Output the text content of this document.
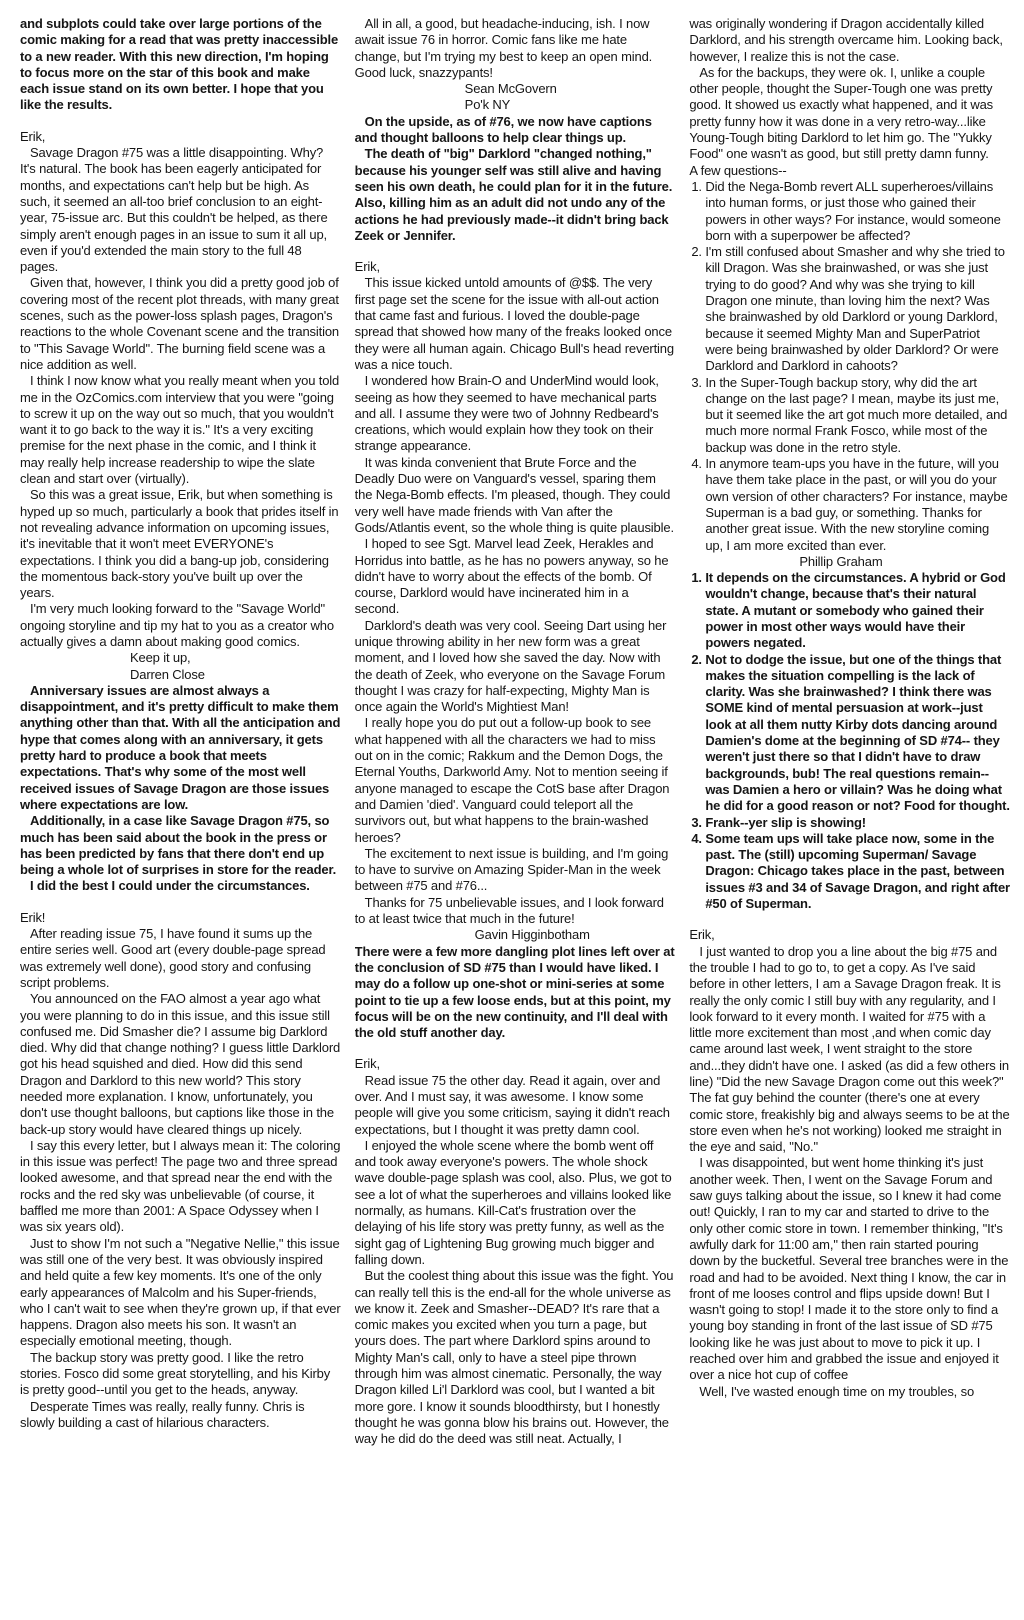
and subplots could take over large portions of the comic making for a read that was pretty inaccessible to a new reader. With this new direction, I'm hoping to focus more on the star of this book and make each issue stand on its own better. I hope that you like the results.

Erik,

Savage Dragon #75 was a little disappointing. Why? It's natural. The book has been eagerly anticipated for months, and expectations can't help but be high. As such, it seemed an all-too brief conclusion to an eight-year, 75-issue arc. But this couldn't be helped, as there simply aren't enough pages in an issue to sum it all up, even if you'd extended the main story to the full 48 pages.

Given that, however, I think you did a pretty good job of covering most of the recent plot threads, with many great scenes, such as the power-loss splash pages, Dragon's reactions to the whole Covenant scene and the transition to "This Savage World". The burning field scene was a nice addition as well.

I think I now know what you really meant when you told me in the OzComics.com interview that you were "going to screw it up on the way out so much, that you wouldn't want it to go back to the way it is." It's a very exciting premise for the next phase in the comic, and I think it may really help increase readership to wipe the slate clean and start over (virtually).

So this was a great issue, Erik, but when something is hyped up so much, particularly a book that prides itself in not revealing advance information on upcoming issues, it's inevitable that it won't meet EVERYONE's expectations. I think you did a bang-up job, considering the momentous back-story you've built up over the years.

I'm very much looking forward to the "Savage World" ongoing storyline and tip my hat to you as a creator who actually gives a damn about making good comics.

Keep it up,

Darren Close

Anniversary issues are almost always a disappointment, and it's pretty difficult to make them anything other than that. With all the anticipation and hype that comes along with an anniversary, it gets pretty hard to produce a book that meets expectations. That's why some of the most well received issues of Savage Dragon are those issues where expectations are low.

Additionally, in a case like Savage Dragon #75, so much has been said about the book in the press or has been predicted by fans that there don't end up being a whole lot of surprises in store for the reader.

I did the best I could under the circumstances.

Erik!

After reading issue 75, I have found it sums up the entire series well. Good art (every double-page spread was extremely well done), good story and confusing script problems.

You announced on the FAO almost a year ago what you were planning to do in this issue, and this issue still confused me. Did Smasher die? I assume big Darklord died. Why did that change nothing? I guess little Darklord got his head squished and died. How did this send Dragon and Darklord to this new world? This story needed more explanation. I know, unfortunately, you don't use thought balloons, but captions like those in the back-up story would have cleared things up nicely.

I say this every letter, but I always mean it: The coloring in this issue was perfect! The page two and three spread looked awesome, and that spread near the end with the rocks and the red sky was unbelievable (of course, it baffled me more than 2001: A Space Odyssey when I was six years old).

Just to show I'm not such a "Negative Nellie," this issue was still one of the very best. It was obviously inspired and held quite a few key moments. It's one of the only early appearances of Malcolm and his Super-friends, who I can't wait to see when they're grown up, if that ever happens. Dragon also meets his son. It wasn't an especially emotional meeting, though.

The backup story was pretty good. I like the retro stories. Fosco did some great storytelling, and his Kirby is pretty good--until you get to the heads, anyway.

Desperate Times was really, really funny. Chris is slowly building a cast of hilarious characters.

All in all, a good, but headache-inducing, ish. I now await issue 76 in horror. Comic fans like me hate change, but I'm trying my best to keep an open mind. Good luck, snazzypants!

Sean McGovern

Po'k NY

On the upside, as of #76, we now have captions and thought balloons to help clear things up.

The death of "big" Darklord "changed nothing," because his younger self was still alive and having seen his own death, he could plan for it in the future. Also, killing him as an adult did not undo any of the actions he had previously made--it didn't bring back Zeek or Jennifer.

Erik,

This issue kicked untold amounts of @$$. The very first page set the scene for the issue with all-out action that came fast and furious. I loved the double-page spread that showed how many of the freaks looked once they were all human again. Chicago Bull's head reverting was a nice touch.

I wondered how Brain-O and UnderMind would look, seeing as how they seemed to have mechanical parts and all. I assume they were two of Johnny Redbeard's creations, which would explain how they took on their strange appearance.

It was kinda convenient that Brute Force and the Deadly Duo were on Vanguard's vessel, sparing them the Nega-Bomb effects. I'm pleased, though. They could very well have made friends with Van after the Gods/Atlantis event, so the whole thing is quite plausible.

I hoped to see Sgt. Marvel lead Zeek, Herakles and Horridus into battle, as he has no powers anyway, so he didn't have to worry about the effects of the bomb. Of course, Darklord would have incinerated him in a second.

Darklord's death was very cool. Seeing Dart using her unique throwing ability in her new form was a great moment, and I loved how she saved the day. Now with the death of Zeek, who everyone on the Savage Forum thought I was crazy for half-expecting, Mighty Man is once again the World's Mightiest Man!

I really hope you do put out a follow-up book to see what happened with all the characters we had to miss out on in the comic; Rakkum and the Demon Dogs, the Eternal Youths, Darkworld Amy. Not to mention seeing if anyone managed to escape the CotS base after Dragon and Damien 'died'. Vanguard could teleport all the survivors out, but what happens to the brain-washed heroes?

The excitement to next issue is building, and I'm going to have to survive on Amazing Spider-Man in the week between #75 and #76...

Thanks for 75 unbelievable issues, and I look forward to at least twice that much in the future!

Gavin Higginbotham

There were a few more dangling plot lines left over at the conclusion of SD #75 than I would have liked. I may do a follow up one-shot or mini-series at some point to tie up a few loose ends, but at this point, my focus will be on the new continuity, and I'll deal with the old stuff another day.

Erik,

Read issue 75 the other day. Read it again, over and over. And I must say, it was awesome. I know some people will give you some criticism, saying it didn't reach expectations, but I thought it was pretty damn cool.

I enjoyed the whole scene where the bomb went off and took away everyone's powers. The whole shock wave double-page splash was cool, also. Plus, we got to see a lot of what the superheroes and villains looked like normally, as humans. Kill-Cat's frustration over the delaying of his life story was pretty funny, as well as the sight gag of Lightening Bug growing much bigger and falling down.

But the coolest thing about this issue was the fight. You can really tell this is the end-all for the whole universe as we know it. Zeek and Smasher--DEAD? It's rare that a comic makes you excited when you turn a page, but yours does. The part where Darklord spins around to Mighty Man's call, only to have a steel pipe thrown through him was almost cinematic. Personally, the way Dragon killed Li'l Darklord was cool, but I wanted a bit more gore. I know it sounds bloodthirsty, but I honestly thought he was gonna blow his brains out. However, the way he did do the deed was still neat. Actually, I

was originally wondering if Dragon accidentally killed Darklord, and his strength overcame him. Looking back, however, I realize this is not the case.

As for the backups, they were ok. I, unlike a couple other people, thought the Super-Tough one was pretty good. It showed us exactly what happened, and it was pretty funny how it was done in a very retro-way...like Young-Tough biting Darklord to let him go. The "Yukky Food" one wasn't as good, but still pretty damn funny.

A few questions--

1. Did the Nega-Bomb revert ALL superheroes/villains into human forms, or just those who gained their powers in other ways? For instance, would someone born with a superpower be affected?
2. I'm still confused about Smasher and why she tried to kill Dragon. Was she brainwashed, or was she just trying to do good? And why was she trying to kill Dragon one minute, than loving him the next? Was she brainwashed by old Darklord or young Darklord, because it seemed Mighty Man and SuperPatriot were being brainwashed by older Darklord? Or were Darklord and Darklord in cahoots?
3. In the Super-Tough backup story, why did the art change on the last page? I mean, maybe its just me, but it seemed like the art got much more detailed, and much more normal Frank Fosco, while most of the backup was done in the retro style.
4. In anymore team-ups you have in the future, will you have them take place in the past, or will you do your own version of other characters? For instance, maybe Superman is a bad guy, or something. Thanks for another great issue. With the new storyline coming up, I am more excited than ever.

Phillip Graham

1. It depends on the circumstances. A hybrid or God wouldn't change, because that's their natural state. A mutant or somebody who gained their power in most other ways would have their powers negated.
2. Not to dodge the issue, but one of the things that makes the situation compelling is the lack of clarity. Was she brainwashed? I think there was SOME kind of mental persuasion at work--just look at all them nutty Kirby dots dancing around Damien's dome at the beginning of SD #74-- they weren't just there so that I didn't have to draw backgrounds, bub! The real questions remain--was Damien a hero or villain? Was he doing what he did for a good reason or not? Food for thought.
3. Frank--yer slip is showing!
4. Some team ups will take place now, some in the past. The (still) upcoming Superman/ Savage Dragon: Chicago takes place in the past, between issues #3 and 34 of Savage Dragon, and right after #50 of Superman.

Erik,

I just wanted to drop you a line about the big #75 and the trouble I had to go to, to get a copy. As I've said before in other letters, I am a Savage Dragon freak. It is really the only comic I still buy with any regularity, and I look forward to it every month. I waited for #75 with a little more excitement than most ,and when comic day came around last week, I went straight to the store and...they didn't have one. I asked (as did a few others in line) "Did the new Savage Dragon come out this week?" The fat guy behind the counter (there's one at every comic store, freakishly big and always seems to be at the store even when he's not working) looked me straight in the eye and said, "No."

I was disappointed, but went home thinking it's just another week. Then, I went on the Savage Forum and saw guys talking about the issue, so I knew it had come out! Quickly, I ran to my car and started to drive to the only other comic store in town. I remember thinking, "It's awfully dark for 11:00 am," then rain started pouring down by the bucketful. Several tree branches were in the road and had to be avoided. Next thing I know, the car in front of me looses control and flips upside down! But I wasn't going to stop! I made it to the store only to find a young boy standing in front of the last issue of SD #75 looking like he was just about to move to pick it up. I reached over him and grabbed the issue and enjoyed it over a nice hot cup of coffee

Well, I've wasted enough time on my troubles, so
